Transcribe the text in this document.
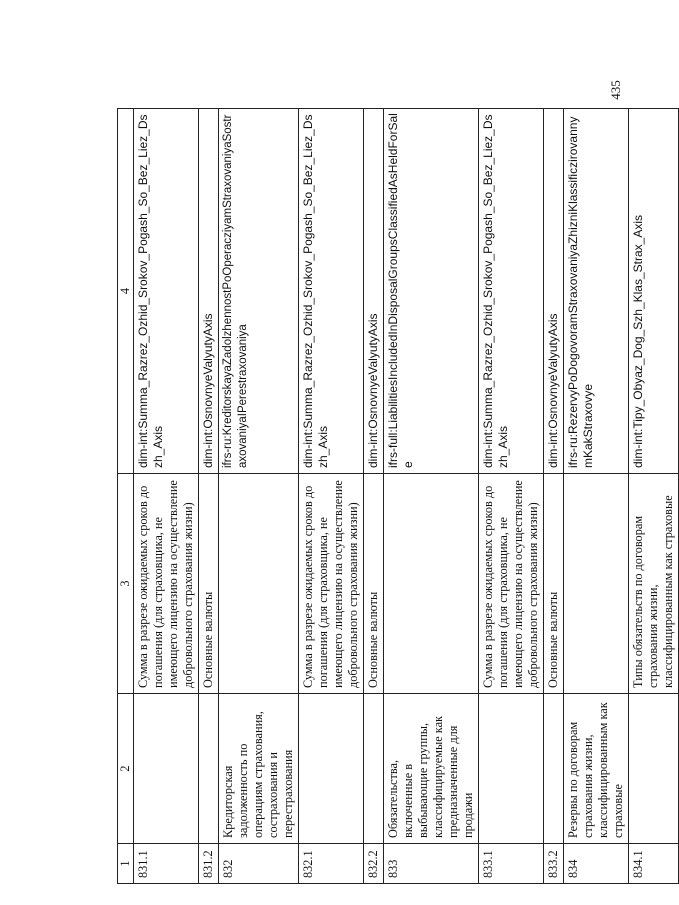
435
1	2	3	4
831.1		Сумма в разрезе ожидаемых сроков до погашения (для страховщика, не имеющего лицензию на осуществление добровольного страхования жизни)	dim-int:Summa_Razrez_Ozhid_Srokov_Pogash_So_Bez_Liez_Dszh_Axis
831.2		Основные валюты	dim-int:OsnovnyeValyutyAxis
832	Кредиторская задолженность по операциям страхования, сострахования и перестрахования		ifrs-ru:KreditorskayaZadolzhennostPoOperacziyamStraxovaniyaSostraxovaniyaIPerestraxovaniya
832.1		Сумма в разрезе ожидаемых сроков до погашения (для страховщика, не имеющего лицензию на осуществление добровольного страхования жизни)	dim-int:Summa_Razrez_Ozhid_Srokov_Pogash_So_Bez_Liez_Dszh_Axis
832.2		Основные валюты	dim-int:OsnovnyeValyutyAxis
833	Обязательства, включенные в выбывающие группы, классифицируемые как предназначенные для продажи		ifrs-full:LiabilitiesIncludedInDisposalGroupsClassifiedAsHeldForSale
833.1		Сумма в разрезе ожидаемых сроков до погашения (для страховщика, не имеющего лицензию на осуществление добровольного страхования жизни)	dim-int:Summa_Razrez_Ozhid_Srokov_Pogash_So_Bez_Liez_Dszh_Axis
833.2		Основные валюты	dim-int:OsnovnyeValyutyAxis
834	Резервы по договорам страхования жизни, классифицированным как страховые		ifrs-ru:RezervyPoDogovoramStraxovaniyaZhizniKlassificzirovannymKakStraxovye
834.1		Типы обязательств по договорам страхования жизни, классифицированным как страховые	dim-int:Tipy_Obyaz_Dog_Szh_Klas_Strax_Axis
